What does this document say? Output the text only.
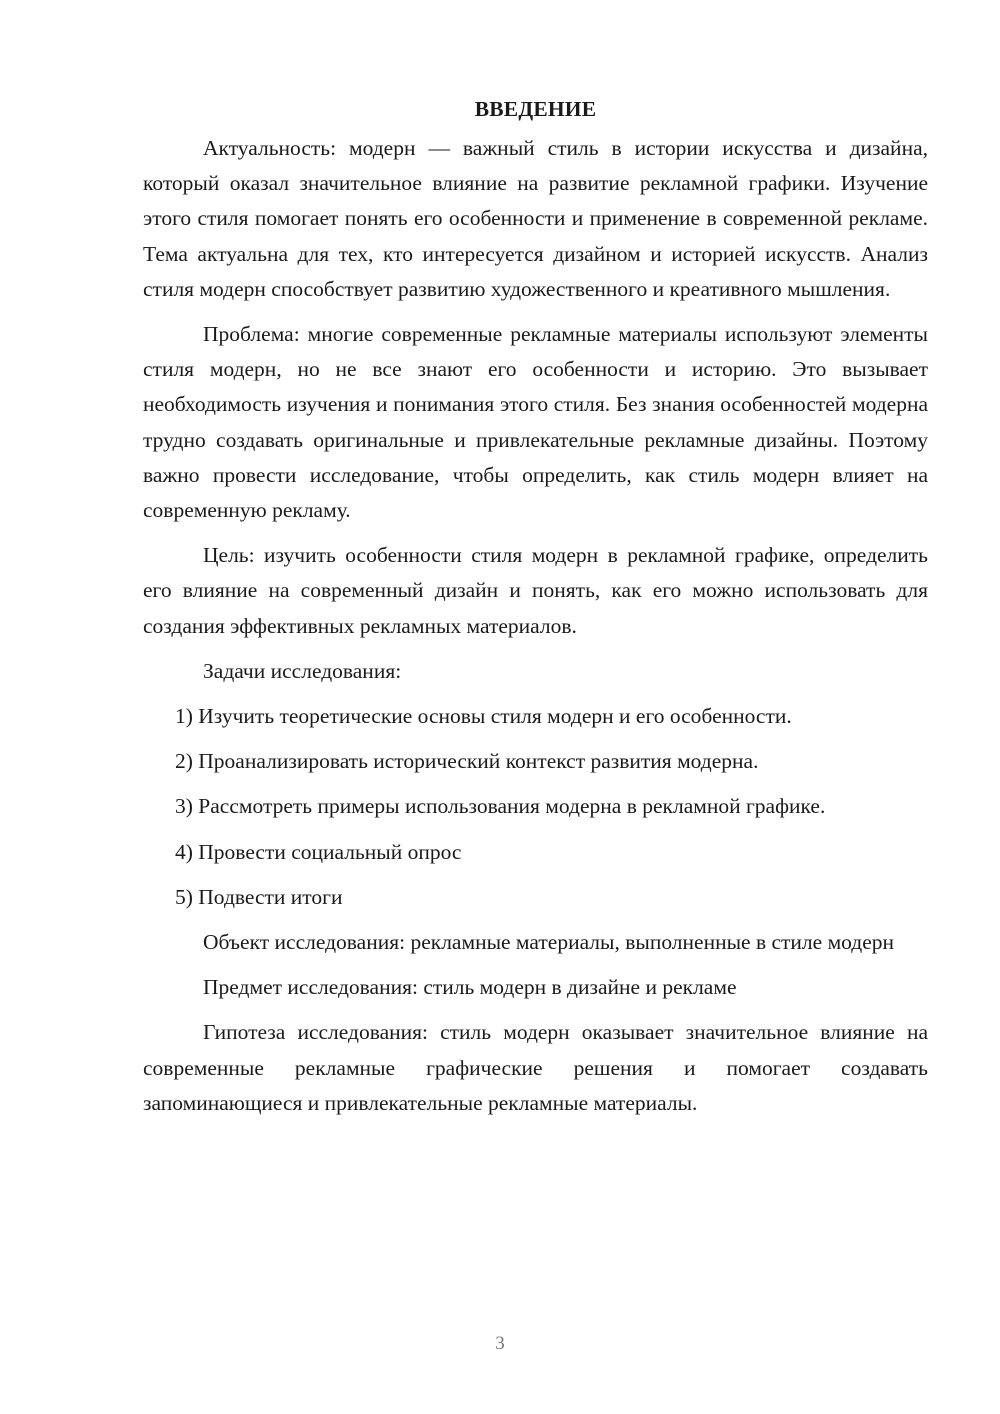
ВВЕДЕНИЕ
Актуальность: модерн — важный стиль в истории искусства и дизайна, который оказал значительное влияние на развитие рекламной графики. Изучение этого стиля помогает понять его особенности и применение в современной рекламе. Тема актуальна для тех, кто интересуется дизайном и историей искусств. Анализ стиля модерн способствует развитию художественного и креативного мышления.
Проблема: многие современные рекламные материалы используют элементы стиля модерн, но не все знают его особенности и историю. Это вызывает необходимость изучения и понимания этого стиля. Без знания особенностей модерна трудно создавать оригинальные и привлекательные рекламные дизайны. Поэтому важно провести исследование, чтобы определить, как стиль модерн влияет на современную рекламу.
Цель: изучить особенности стиля модерн в рекламной графике, определить его влияние на современный дизайн и понять, как его можно использовать для создания эффективных рекламных материалов.
Задачи исследования:
1) Изучить теоретические основы стиля модерн и его особенности.
2) Проанализировать исторический контекст развития модерна.
3) Рассмотреть примеры использования модерна в рекламной графике.
4) Провести социальный опрос
5) Подвести итоги
Объект исследования: рекламные материалы, выполненные в стиле модерн
Предмет исследования: стиль модерн в дизайне и рекламе
Гипотеза исследования: стиль модерн оказывает значительное влияние на современные рекламные графические решения и помогает создавать запоминающиеся и привлекательные рекламные материалы.
3
